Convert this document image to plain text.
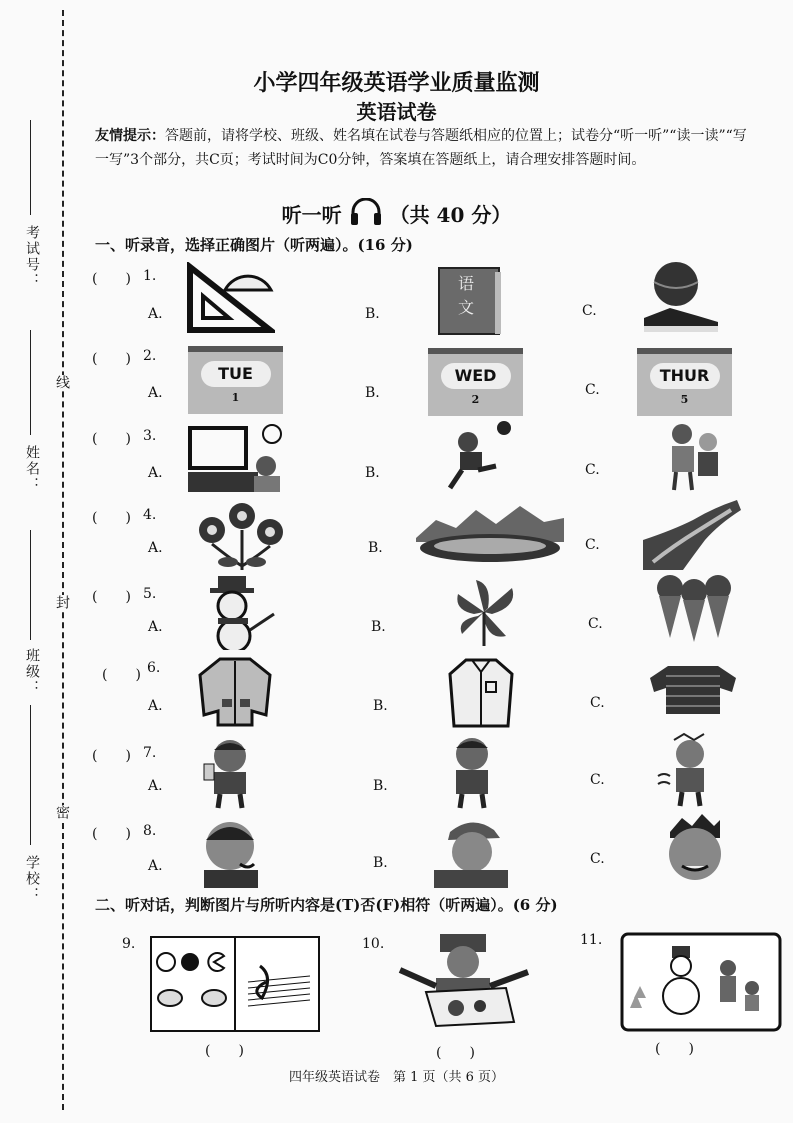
考试号：
姓名：
班级：
学校：
线
封
密
小学四年级英语学业质量监测
英语试卷
友情提示：答题前，请将学校、班级、姓名填在试卷与答题纸相应的位置上；试卷分“听一听”“读一读”“写一写”3个部分，共C页；考试时间为C0分钟，答案填在答题纸上，请合理安排答题时间。
听一听 （共 40 分）
一、听录音，选择正确图片（听两遍）。(16 分)
(　　) 1.
A.	B.	C.
语
文
(　　) 2.
A.	B.	C.
TUE
1
WED
2
THUR
5
(　　) 3.
A.	B.	C.
(　　) 4.
A.	B.	C.
(　　) 5.
A.	B.	C.
(　　) 6.
A.	B.	C.
(　　) 7.
A.	B.	C.
(　　) 8.
A.	B.	C.
二、听对话，判断图片与所听内容是(T)否(F)相符（听两遍）。(6 分)
9.
(　　)
10.
(　　)
11.
(　　)
四年级英语试卷　第 1 页（共 6 页）
